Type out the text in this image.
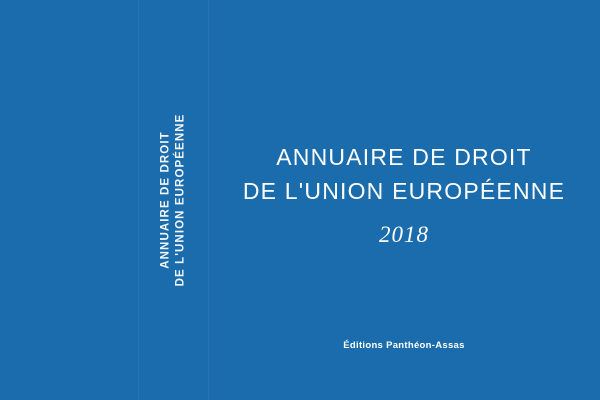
ANNUAIRE DE DROIT DE L'UNION EUROPÉENNE	ANNUAIRE DE DROIT
DE L'UNION EUROPÉENNE
2018
Éditions Panthéon-Assas
